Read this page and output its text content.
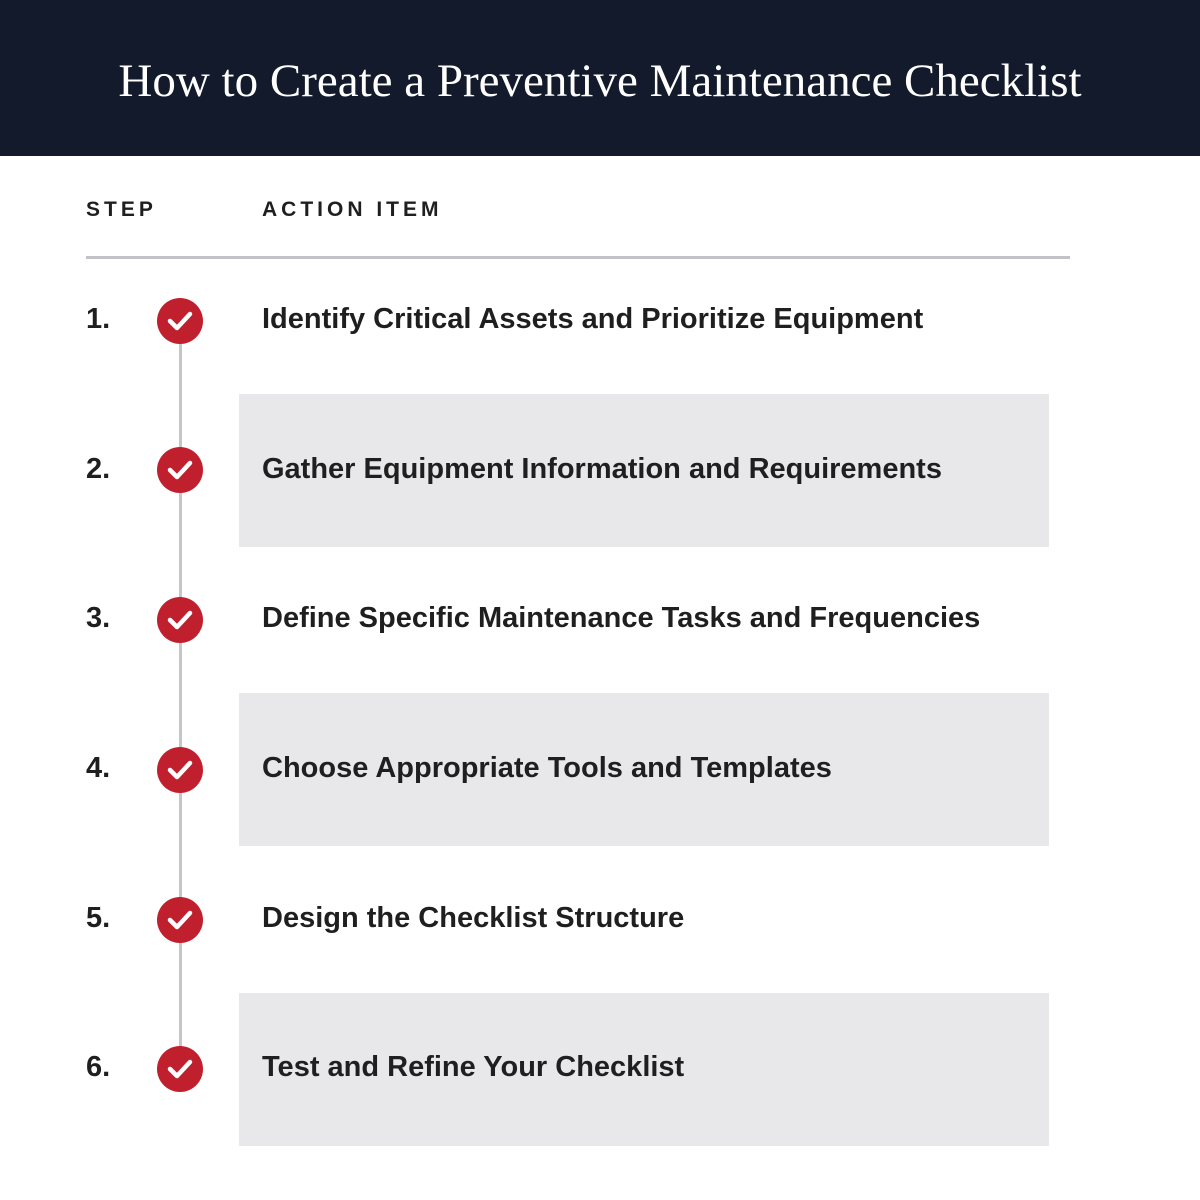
How to Create a Preventive Maintenance Checklist
STEP	ACTION ITEM
1.	Identify Critical Assets and Prioritize Equipment
2.	Gather Equipment Information and Requirements
3.	Define Specific Maintenance Tasks and Frequencies
4.	Choose Appropriate Tools and Templates
5.	Design the Checklist Structure
6.	Test and Refine Your Checklist
